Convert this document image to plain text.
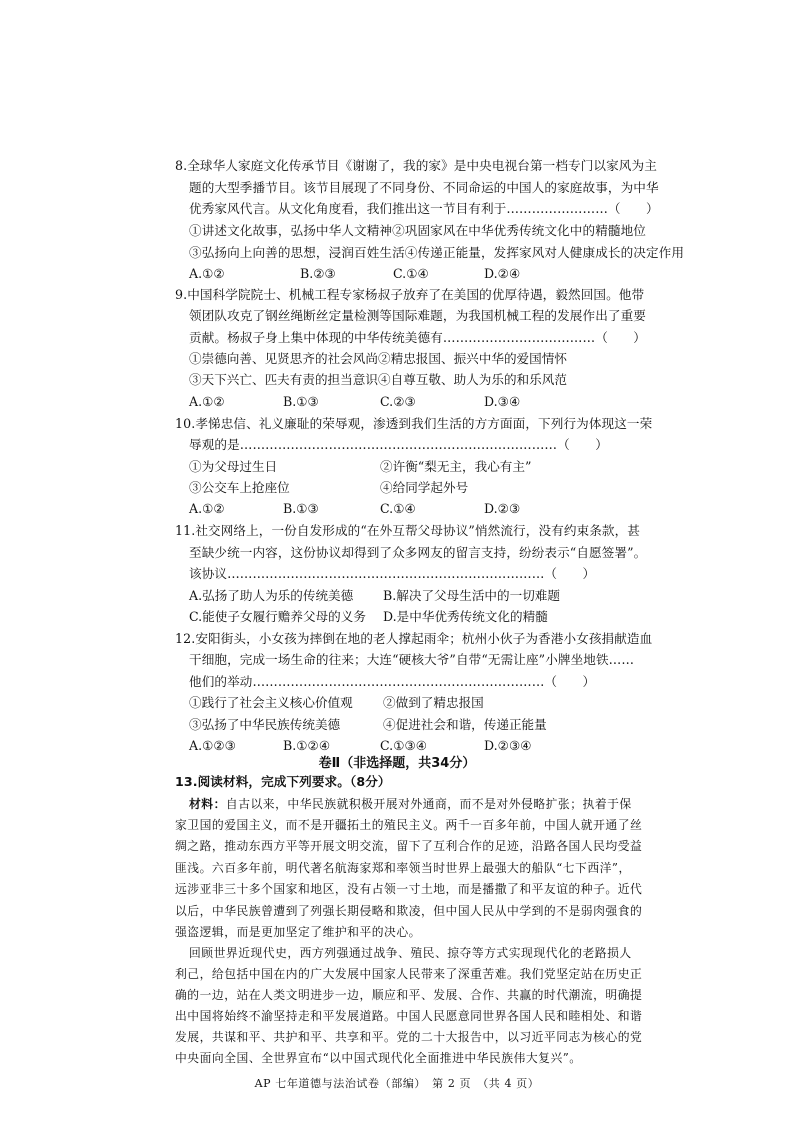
8.全球华人家庭文化传承节目《谢谢了，我的家》是中央电视台第一档专门以家风为主
题的大型季播节目。该节目展现了不同身份、不同命运的中国人的家庭故事，为中华
优秀家风代言。从文化角度看，我们推出这一节目有利于……………………（　　）
①讲述文化故事，弘扬中华人文精神②巩固家风在中华优秀传统文化中的精髓地位
③弘扬向上向善的思想，浸润百姓生活④传递正能量，发挥家风对人健康成长的决定作用
A.①②	B.②③	C.①④	D.②④
9.中国科学院院士、机械工程专家杨叔子放弃了在美国的优厚待遇，毅然回国。他带
领团队攻克了钢丝绳断丝定量检测等国际难题，为我国机械工程的发展作出了重要
贡献。杨叔子身上集中体现的中华传统美德有………………………………（　　）
①崇德向善、见贤思齐的社会风尚 ②精忠报国、振兴中华的爱国情怀
③天下兴亡、匹夫有责的担当意识 ④自尊互敬、助人为乐的和乐风范
A.①②	B.①③	C.②③	D.③④
10.孝悌忠信、礼义廉耻的荣辱观，渗透到我们生活的方方面面，下列行为体现这一荣
辱观的是…………………………………………………………………（　　）
①为父母过生日	②许衡“梨无主，我心有主”
③公交车上抢座位	④给同学起外号
A.①②	B.①③	C.①④	D.②③
11.社交网络上，一份自发形成的“在外互帮父母协议”悄然流行，没有约束条款，甚
至缺少统一内容，这份协议却得到了众多网友的留言支持，纷纷表示“自愿签署”。
该协议…………………………………………………………………（　　）
A.弘扬了助人为乐的传统美德 B.解决了父母生活中的一切难题
C.能使子女履行赡养父母的义务 D.是中华优秀传统文化的精髓
12.安阳街头，小女孩为摔倒在地的老人撑起雨伞；杭州小伙子为香港小女孩捐献造血
干细胞，完成一场生命的往来；大连“硬核大爷”自带“无需让座”小牌坐地铁……
他们的举动……………………………………………………………（　　）
①践行了社会主义核心价值观 ②做到了精忠报国
③弘扬了中华民族传统美德	④促进社会和谐，传递正能量
A.①②③	B.①②④	C.①③④	D.②③④
卷Ⅱ（非选择题，共34分）
13.阅读材料，完成下列要求。（8分）
材料：自古以来，中华民族就积极开展对外通商，而不是对外侵略扩张；执着于保
家卫国的爱国主义，而不是开疆拓土的殖民主义。两千一百多年前，中国人就开通了丝
绸之路，推动东西方平等开展文明交流，留下了互利合作的足迹，沿路各国人民均受益
匪浅。六百多年前，明代著名航海家郑和率领当时世界上最强大的船队“七下西洋”，
远涉亚非三十多个国家和地区，没有占领一寸土地，而是播撒了和平友谊的种子。近代
以后，中华民族曾遭到了列强长期侵略和欺凌，但中国人民从中学到的不是弱肉强食的
强盗逻辑，而是更加坚定了维护和平的决心。
回顾世界近现代史，西方列强通过战争、殖民、掠夺等方式实现现代化的老路损人
利己，给包括中国在内的广大发展中国家人民带来了深重苦难。我们党坚定站在历史正
确的一边，站在人类文明进步一边，顺应和平、发展、合作、共赢的时代潮流，明确提
出中国将始终不渝坚持走和平发展道路。中国人民愿意同世界各国人民和睦相处、和谐
发展，共谋和平、共护和平、共享和平。党的二十大报告中，以习近平同志为核心的党
中央面向全国、全世界宣布“以中国式现代化全面推进中华民族伟大复兴”。
AP 七年道德与法治试卷（部编）　第 2 页　（共 4 页）
